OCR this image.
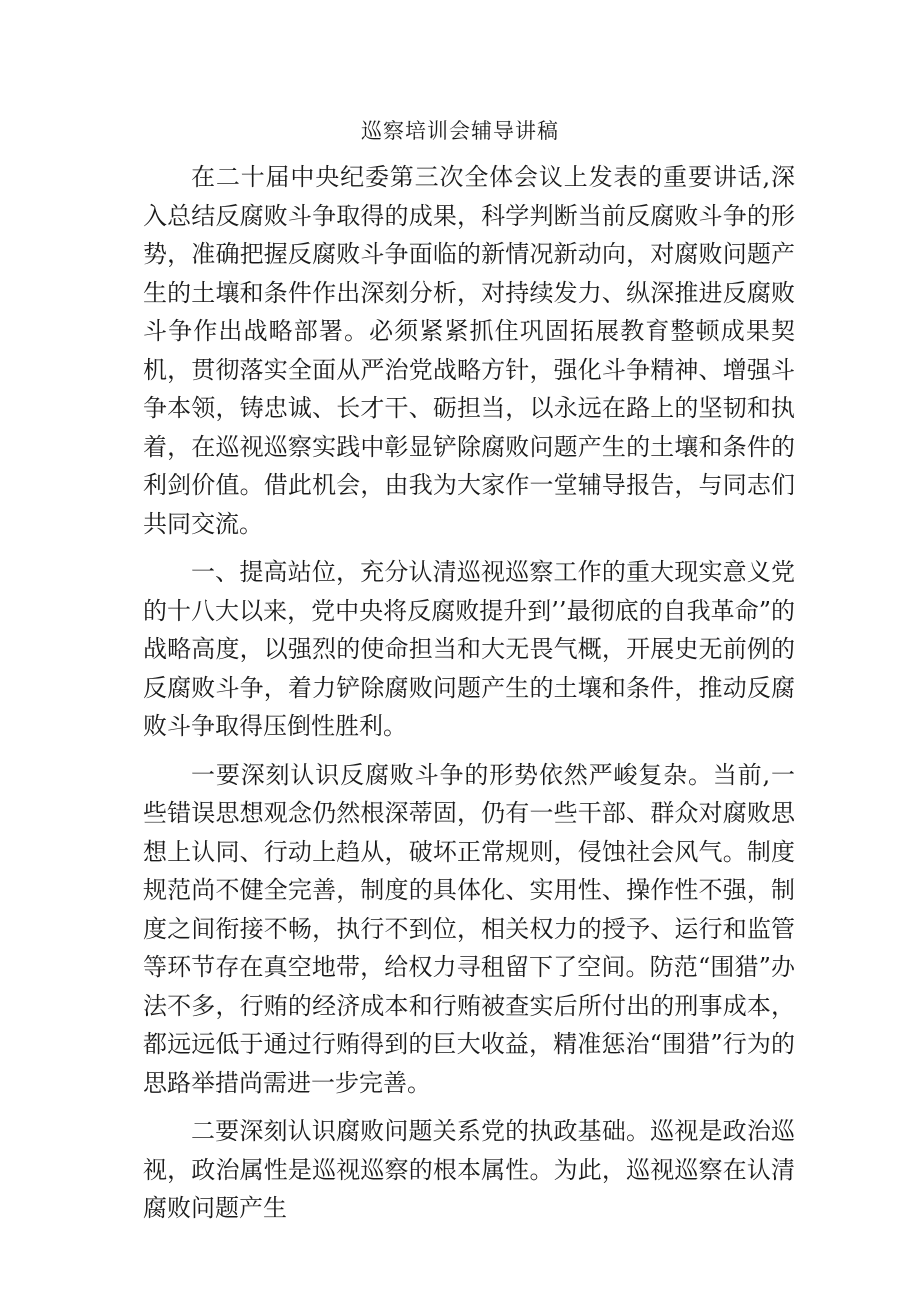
巡察培训会辅导讲稿

在二十届中央纪委第三次全体会议上发表的重要讲话,深入总结反腐败斗争取得的成果，科学判断当前反腐败斗争的形势，准确把握反腐败斗争面临的新情况新动向，对腐败问题产生的土壤和条件作出深刻分析，对持续发力、纵深推进反腐败斗争作出战略部署。必须紧紧抓住巩固拓展教育整顿成果契机，贯彻落实全面从严治党战略方针，强化斗争精神、增强斗争本领，铸忠诚、长才干、砺担当，以永远在路上的坚韧和执着，在巡视巡察实践中彰显铲除腐败问题产生的土壤和条件的利剑价值。借此机会，由我为大家作一堂辅导报告，与同志们共同交流。

一、提高站位，充分认清巡视巡察工作的重大现实意义党的十八大以来，党中央将反腐败提升到’’最彻底的自我革命”的战略高度，以强烈的使命担当和大无畏气概，开展史无前例的反腐败斗争，着力铲除腐败问题产生的土壤和条件，推动反腐败斗争取得压倒性胜利。

一要深刻认识反腐败斗争的形势依然严峻复杂。当前,一些错误思想观念仍然根深蒂固，仍有一些干部、群众对腐败思想上认同、行动上趋从，破坏正常规则，侵蚀社会风气。制度规范尚不健全完善，制度的具体化、实用性、操作性不强，制度之间衔接不畅，执行不到位，相关权力的授予、运行和监管等环节存在真空地带，给权力寻租留下了空间。防范“围猎”办法不多，行贿的经济成本和行贿被查实后所付出的刑事成本，都远远低于通过行贿得到的巨大收益，精准惩治“围猎”行为的思路举措尚需进一步完善。

二要深刻认识腐败问题关系党的执政基础。巡视是政治巡视，政治属性是巡视巡察的根本属性。为此，巡视巡察在认清腐败问题产生
